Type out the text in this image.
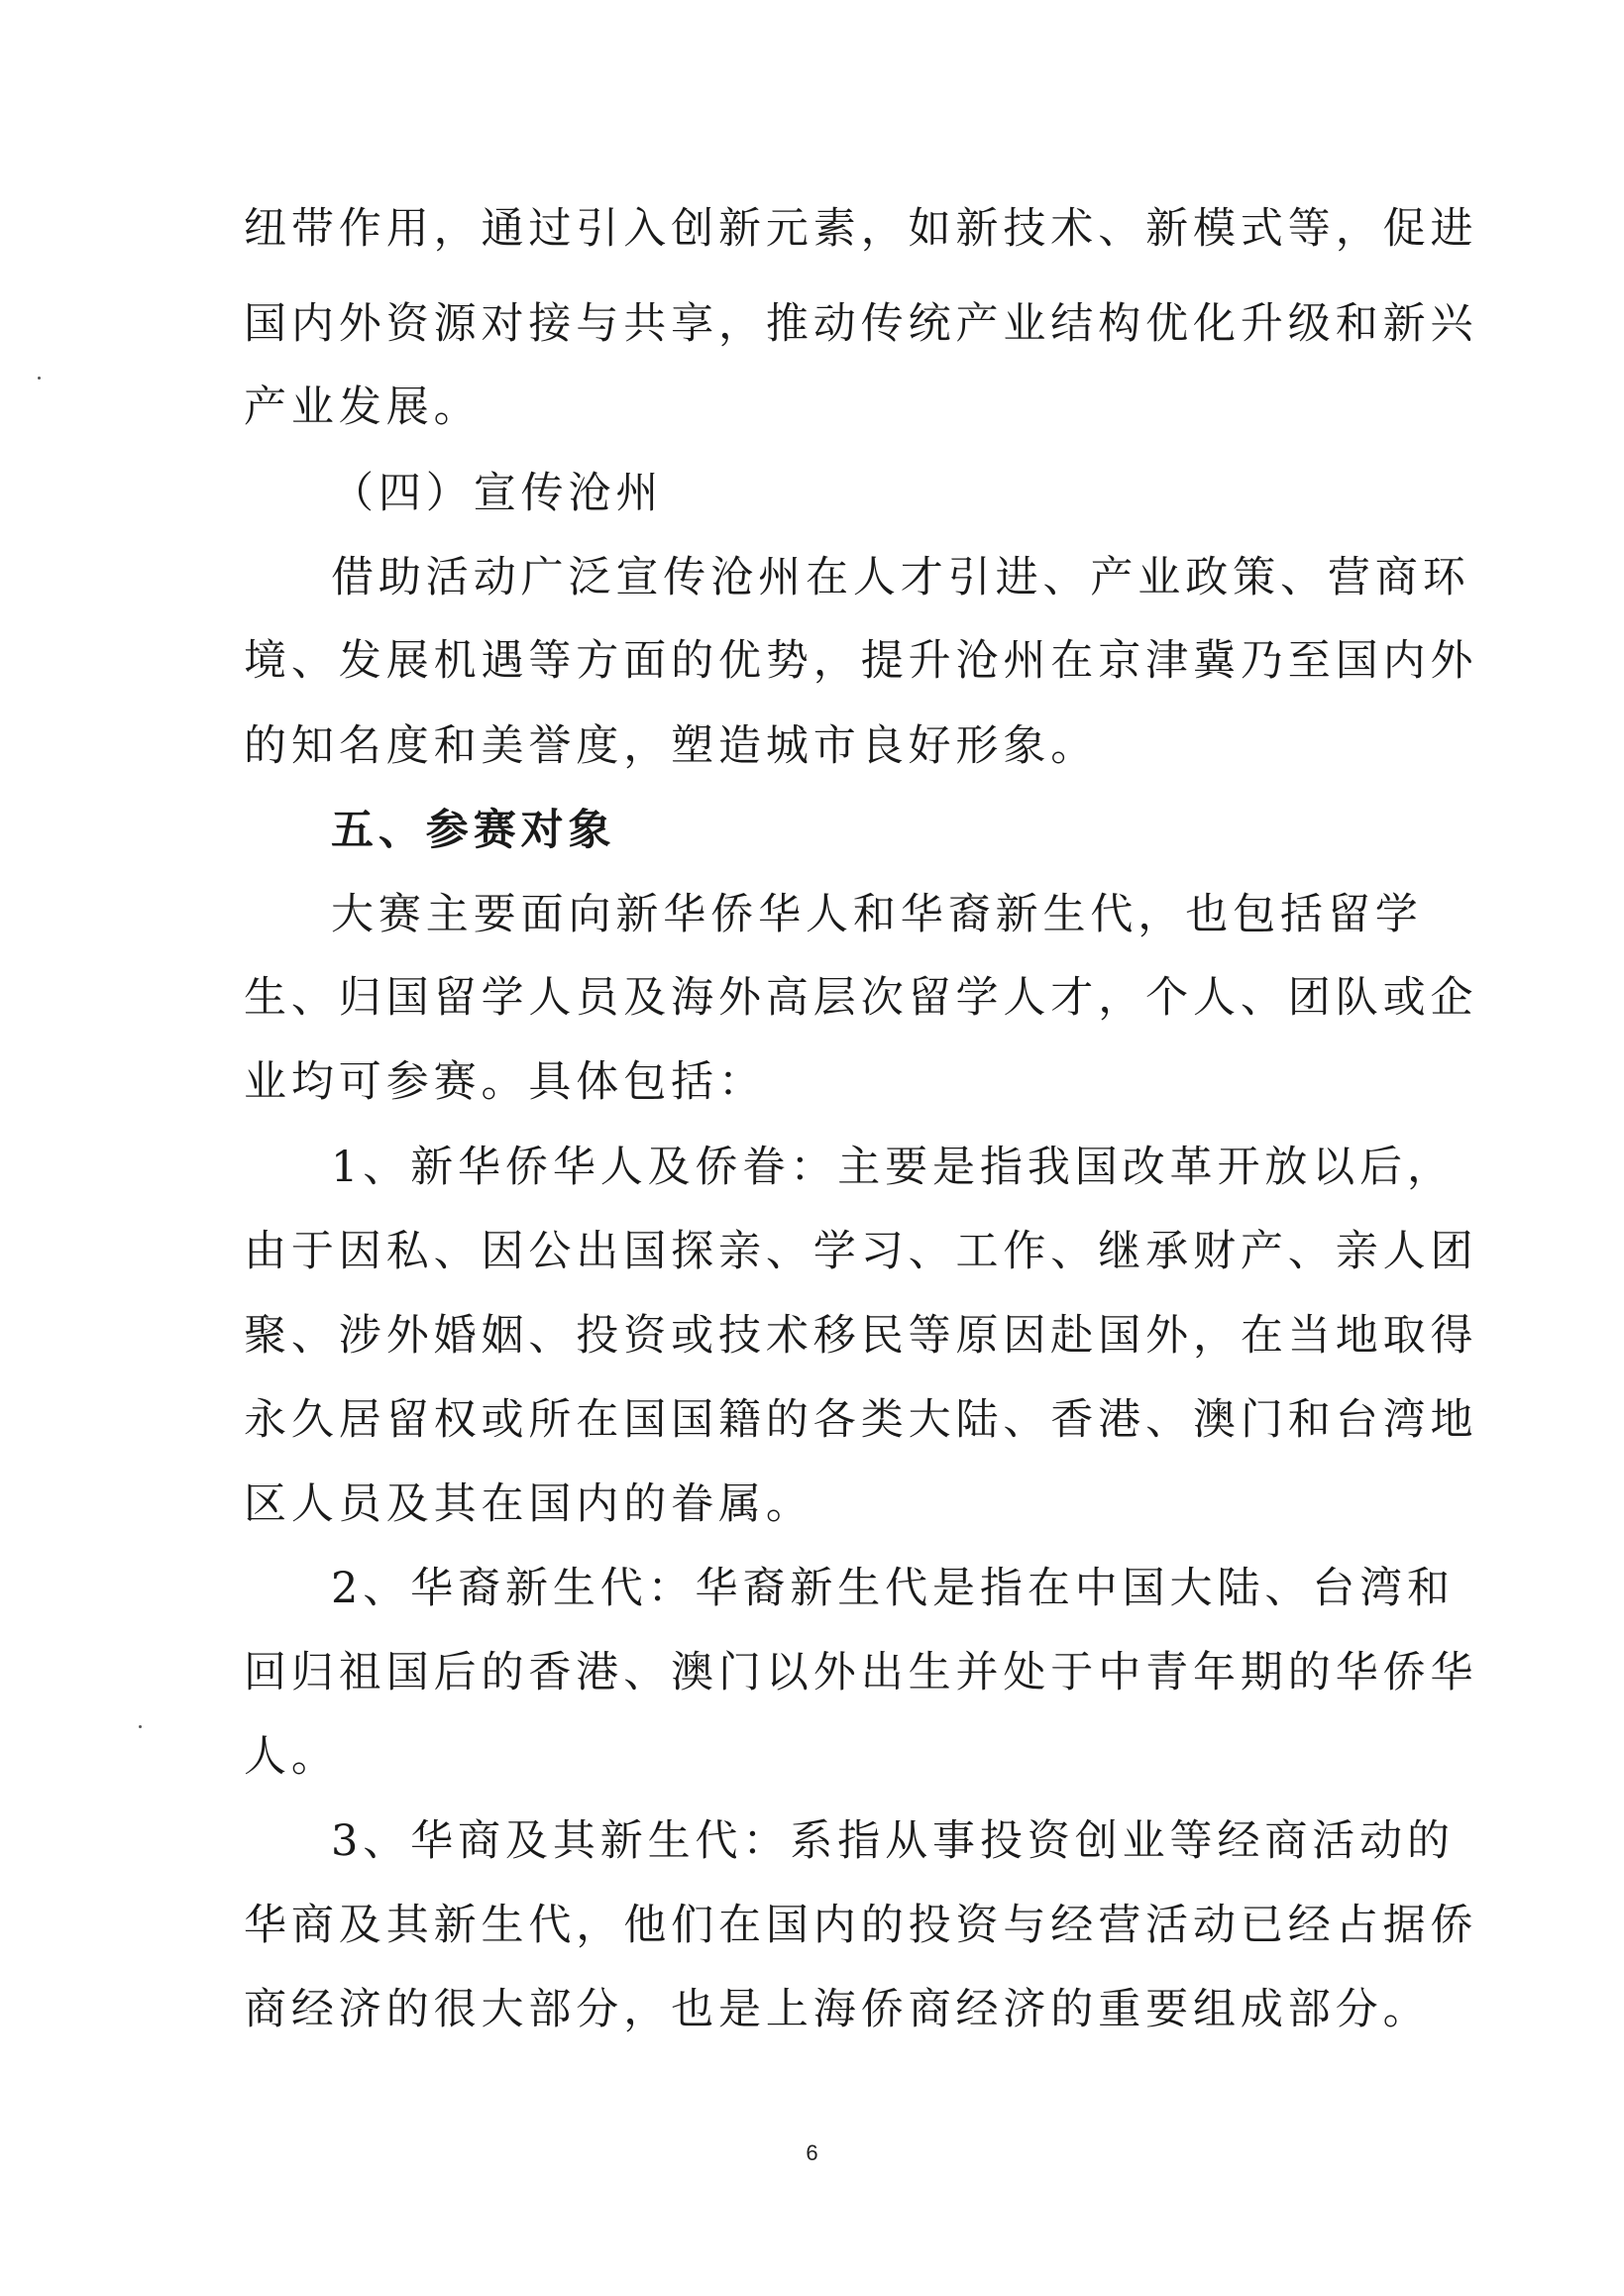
纽带作用，通过引入创新元素，如新技术、新模式等，促进
国内外资源对接与共享，推动传统产业结构优化升级和新兴
产业发展。
（四）宣传沧州
借助活动广泛宣传沧州在人才引进、产业政策、营商环
境、发展机遇等方面的优势，提升沧州在京津冀乃至国内外
的知名度和美誉度，塑造城市良好形象。
五、参赛对象
大赛主要面向新华侨华人和华裔新生代，也包括留学
生、归国留学人员及海外高层次留学人才，个人、团队或企
业均可参赛。具体包括：
1、新华侨华人及侨眷：主要是指我国改革开放以后，
由于因私、因公出国探亲、学习、工作、继承财产、亲人团
聚、涉外婚姻、投资或技术移民等原因赴国外，在当地取得
永久居留权或所在国国籍的各类大陆、香港、澳门和台湾地
区人员及其在国内的眷属。
2、华裔新生代：华裔新生代是指在中国大陆、台湾和
回归祖国后的香港、澳门以外出生并处于中青年期的华侨华
人。
3、华商及其新生代：系指从事投资创业等经商活动的
华商及其新生代，他们在国内的投资与经营活动已经占据侨
商经济的很大部分，也是上海侨商经济的重要组成部分。
6
